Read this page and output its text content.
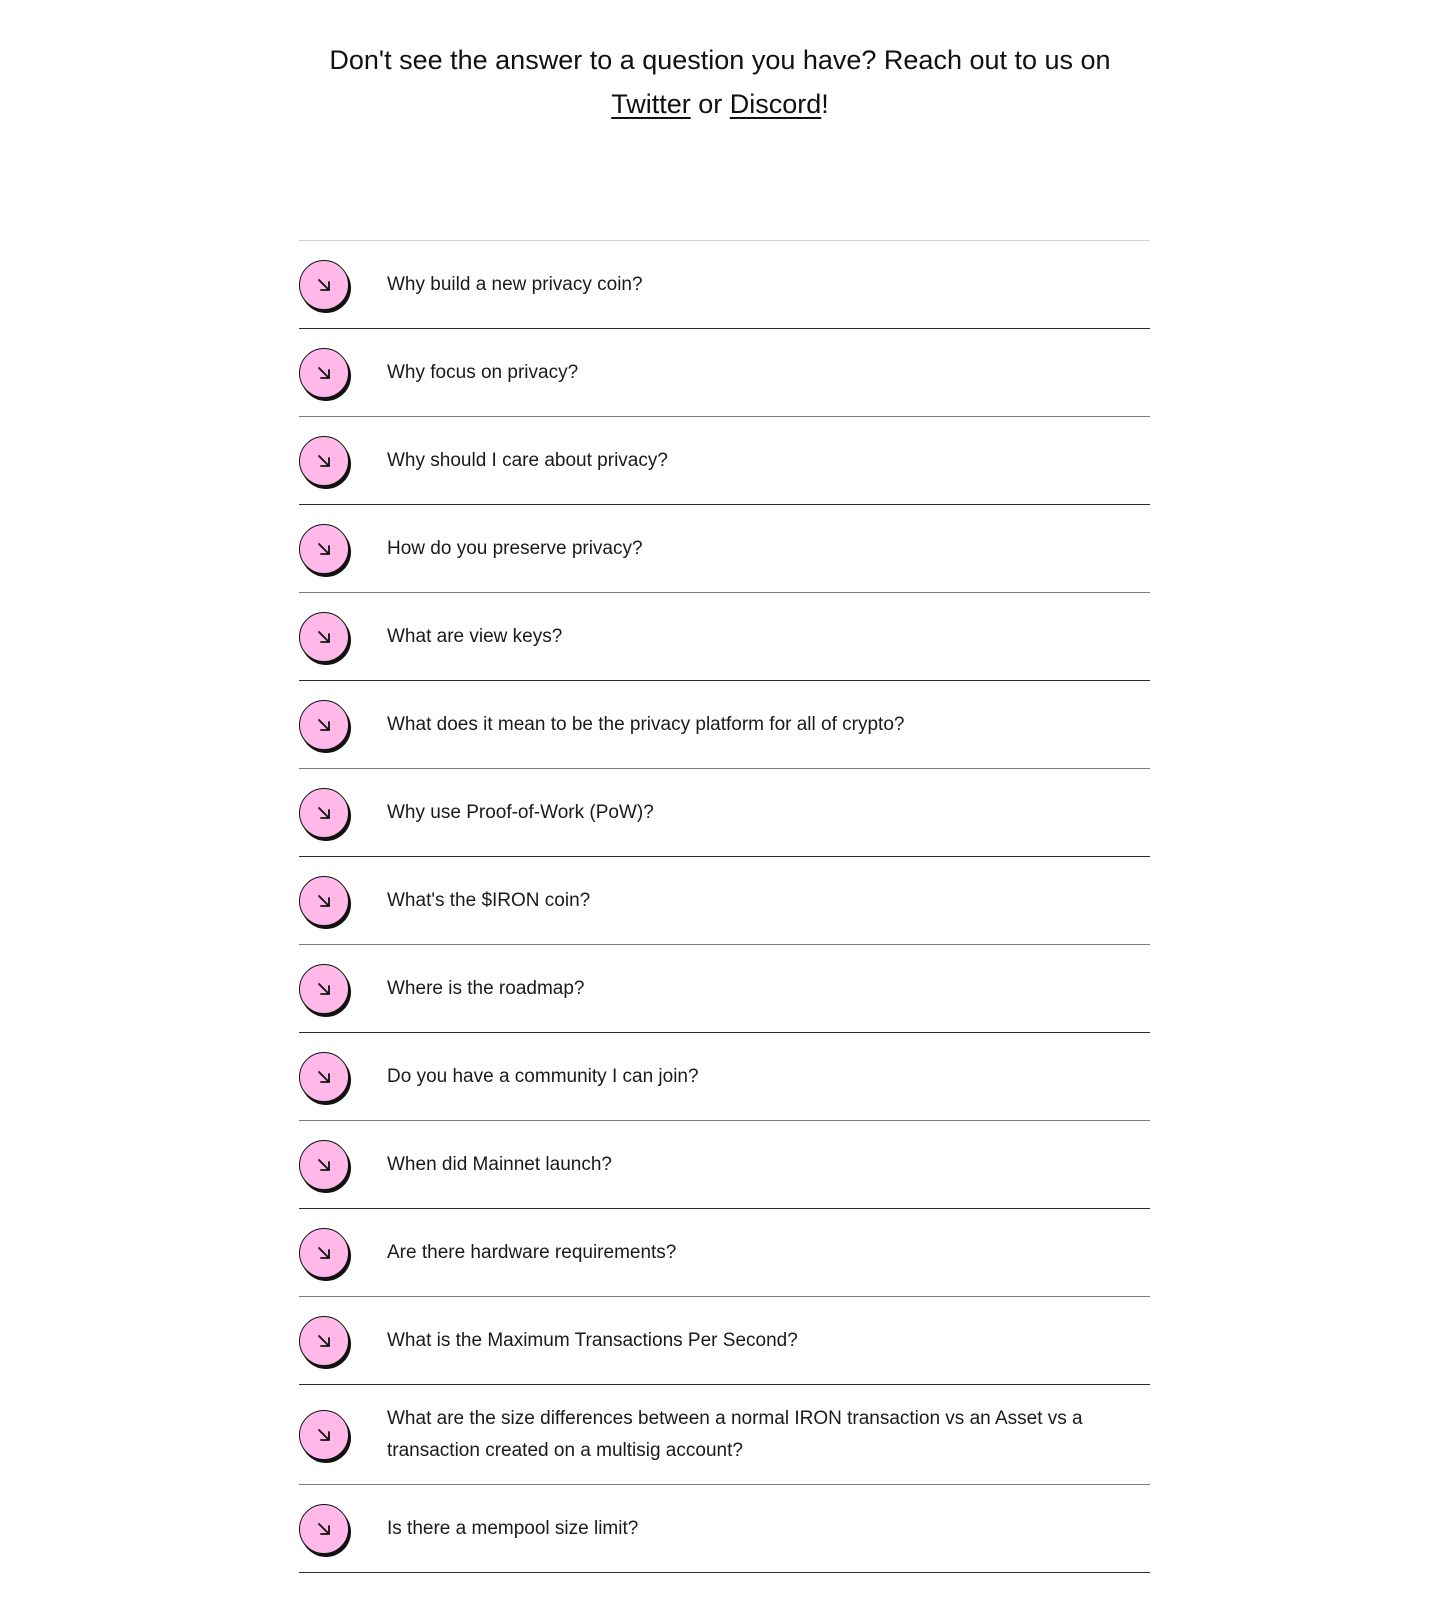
Don't see the answer to a question you have? Reach out to us on
Twitter or Discord!
Why build a new privacy coin?
Why focus on privacy?
Why should I care about privacy?
How do you preserve privacy?
What are view keys?
What does it mean to be the privacy platform for all of crypto?
Why use Proof-of-Work (PoW)?
What's the $IRON coin?
Where is the roadmap?
Do you have a community I can join?
When did Mainnet launch?
Are there hardware requirements?
What is the Maximum Transactions Per Second?
What are the size differences between a normal IRON transaction vs an Asset vs a transaction created on a multisig account?
Is there a mempool size limit?
